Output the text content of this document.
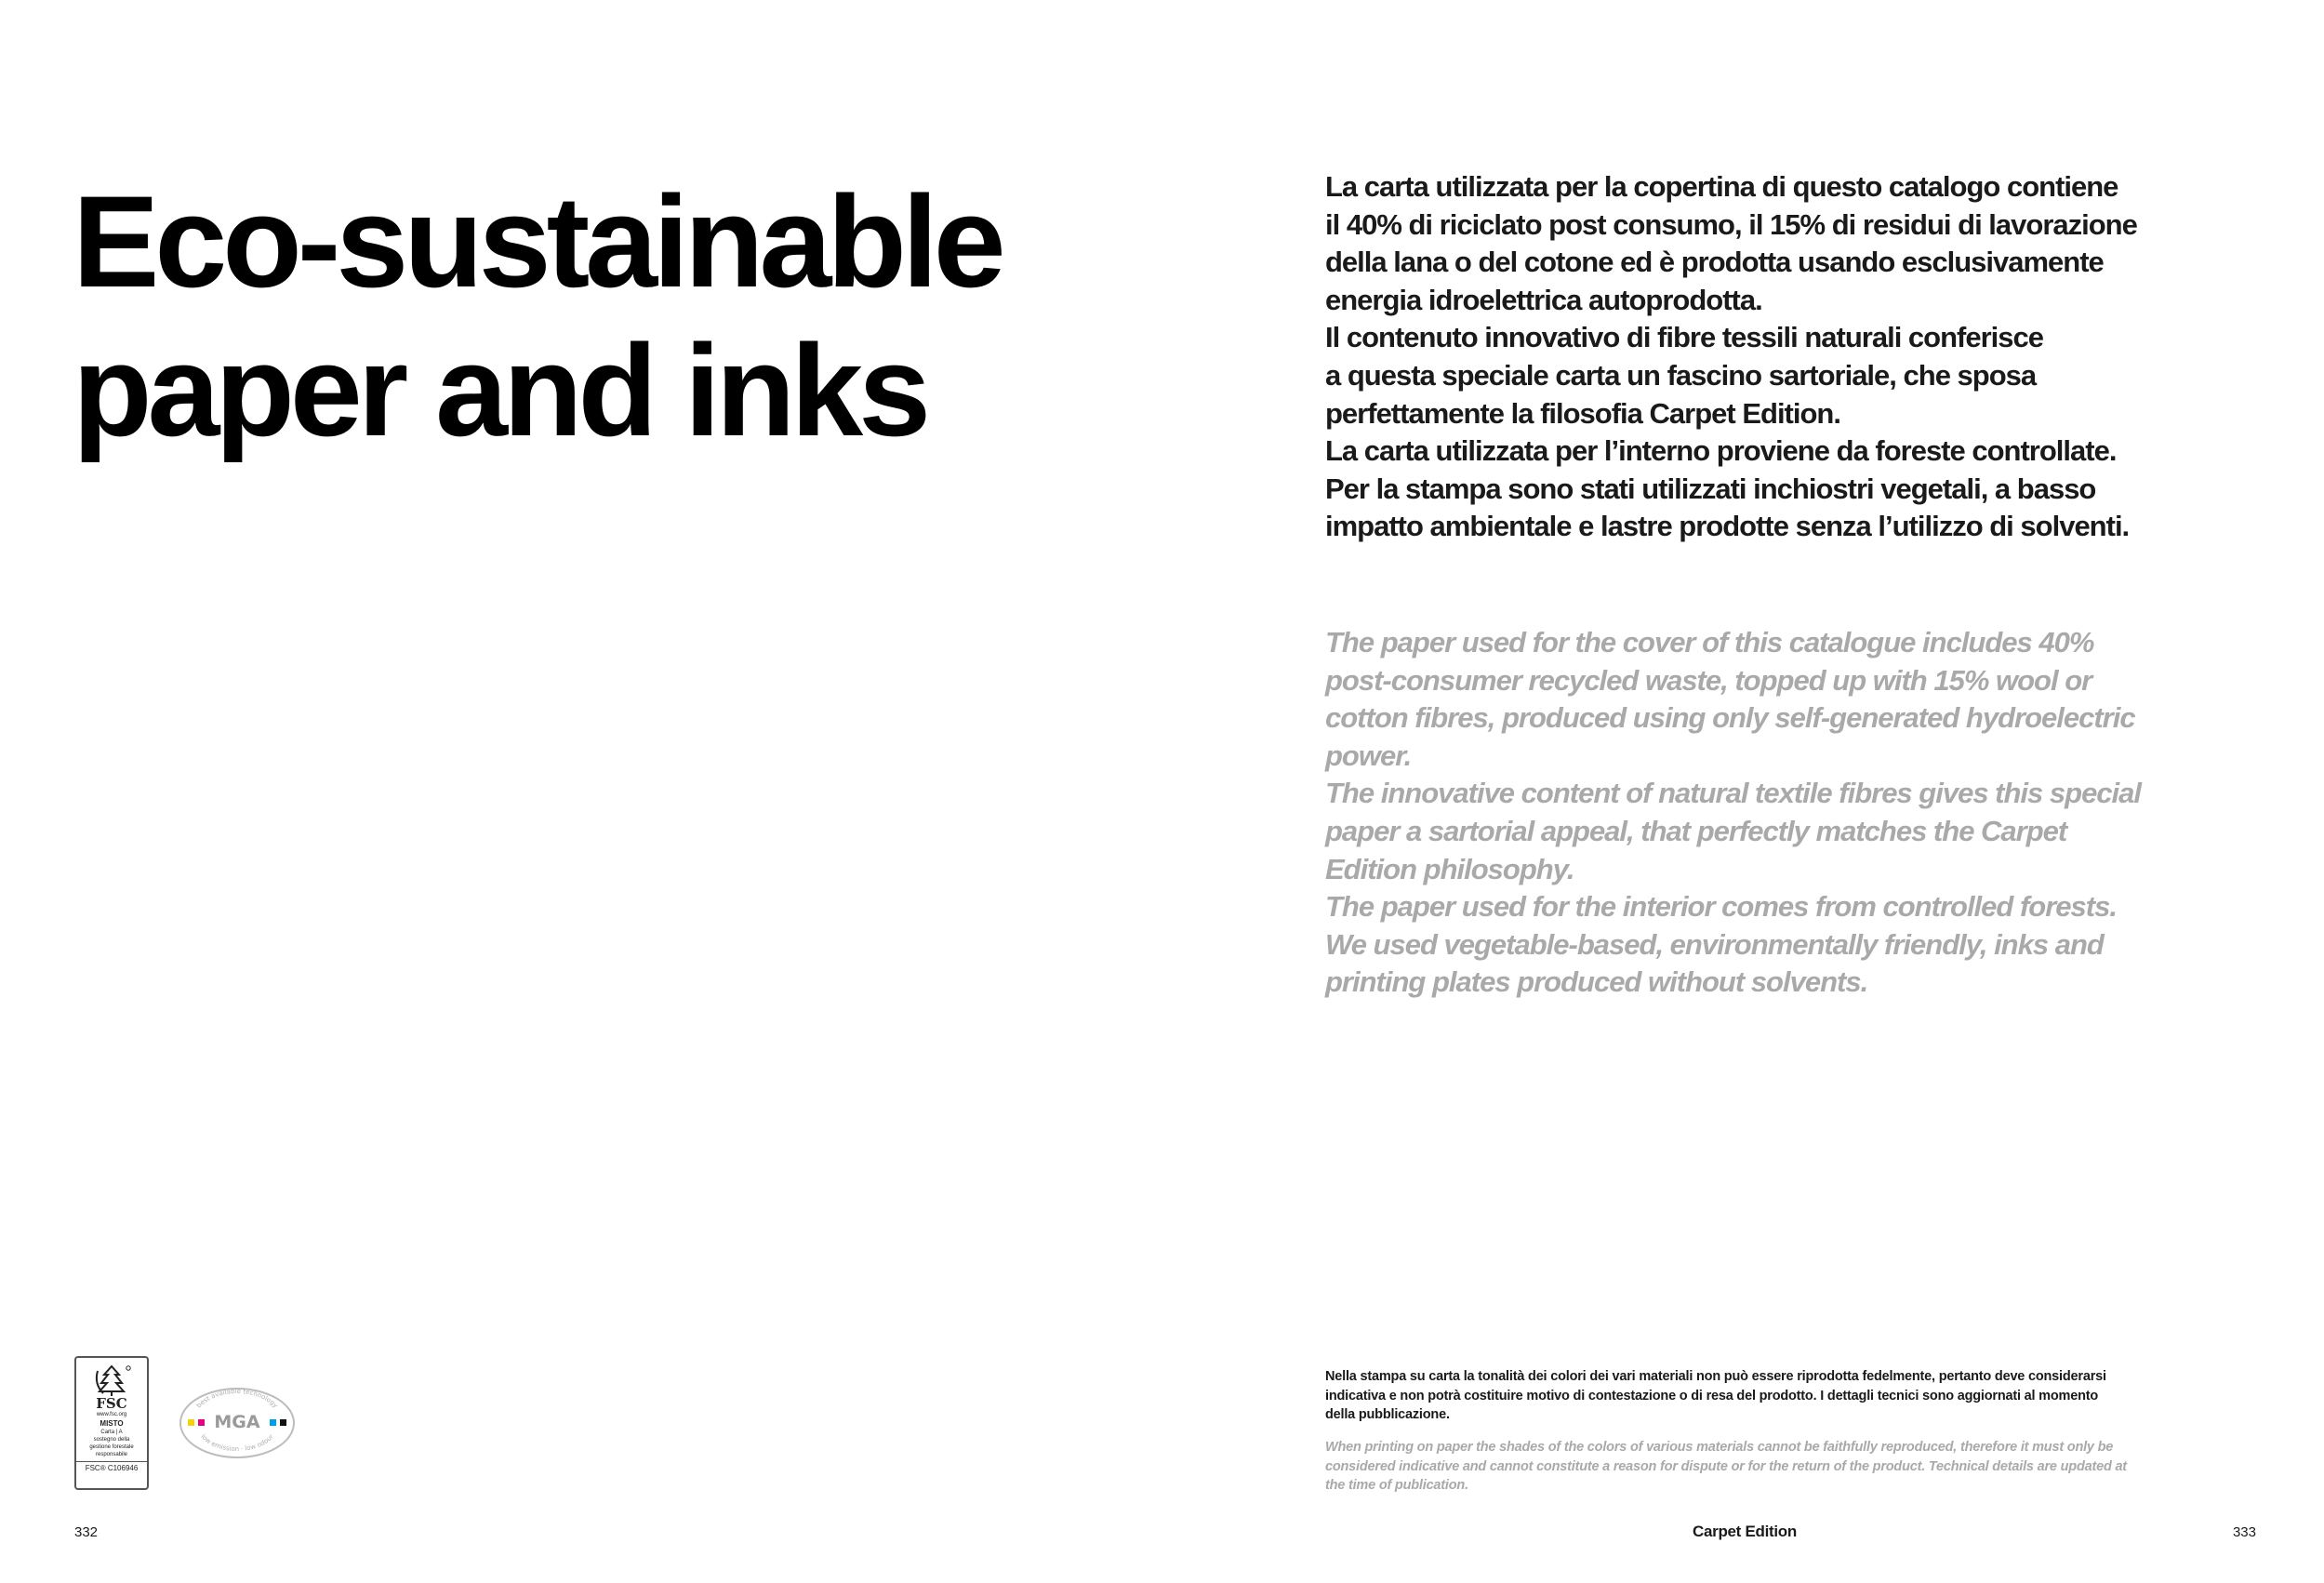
Eco-sustainable
paper and inks
La carta utilizzata per la copertina di questo catalogo contiene
il 40% di riciclato post consumo, il 15% di residui di lavorazione
della lana o del cotone ed è prodotta usando esclusivamente
energia idroelettrica autoprodotta.
Il contenuto innovativo di fibre tessili naturali conferisce
a questa speciale carta un fascino sartoriale, che sposa
perfettamente la filosofia Carpet Edition.
La carta utilizzata per l’interno proviene da foreste controllate.
Per la stampa sono stati utilizzati inchiostri vegetali, a basso
impatto ambientale e lastre prodotte senza l’utilizzo di solventi.
The paper used for the cover of this catalogue includes 40%
post-consumer recycled waste, topped up with 15% wool or
cotton fibres, produced using only self-generated hydroelectric
power.
The innovative content of natural textile fibres gives this special
paper a sartorial appeal, that perfectly matches the Carpet
Edition philosophy.
The paper used for the interior comes from controlled forests.
We used vegetable-based, environmentally friendly, inks and
printing plates produced without solvents.
Nella stampa su carta la tonalità dei colori dei vari materiali non può essere riprodotta fedelmente, pertanto deve considerarsi
indicativa e non potrà costituire motivo di contestazione o di resa del prodotto. I dettagli tecnici sono aggiornati al momento
della pubblicazione.
When printing on paper the shades of the colors of various materials cannot be faithfully reproduced, therefore it must only be
considered indicative and cannot constitute a reason for dispute or for the return of the product. Technical details are updated at
the time of publication.
FSC
www.fsc.org
MISTO
Carta | A
sostegno della
gestione forestale
responsabile
FSC® C106946
best available technology
low emission · low odour
MGA
332	Carpet Edition	333
